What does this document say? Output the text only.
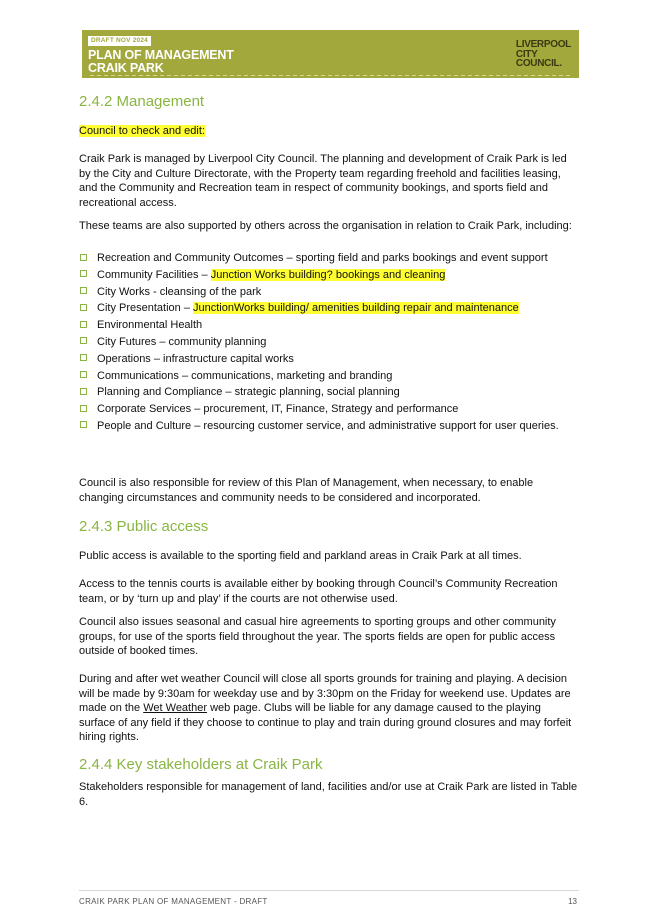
DRAFT NOV 2024
PLAN OF MANAGEMENT
CRAIK PARK
LIVERPOOL
CITY
COUNCIL.
2.4.2 Management

Council to check and edit:

Craik Park is managed by Liverpool City Council. The planning and development of Craik Park is led by the City and Culture Directorate, with the Property team regarding freehold and facilities leasing, and the Community and Recreation team in respect of community bookings, and sports field and recreational access.

These teams are also supported by others across the organisation in relation to Craik Park, including:

Recreation and Community Outcomes – sporting field and parks bookings and event support
Community Facilities – Junction Works building? bookings and cleaning
City Works - cleansing of the park
City Presentation – JunctionWorks building/ amenities building repair and maintenance
Environmental Health
City Futures – community planning
Operations – infrastructure capital works
Communications – communications, marketing and branding
Planning and Compliance – strategic planning, social planning
Corporate Services – procurement, IT, Finance, Strategy and performance
People and Culture – resourcing customer service, and administrative support for user queries.

Council is also responsible for review of this Plan of Management, when necessary, to enable changing circumstances and community needs to be considered and incorporated.

2.4.3 Public access

Public access is available to the sporting field and parkland areas in Craik Park at all times.

Access to the tennis courts is available either by booking through Council’s Community Recreation team, or by ‘turn up and play’ if the courts are not otherwise used.

Council also issues seasonal and casual hire agreements to sporting groups and other community groups, for use of the sports field throughout the year. The sports fields are open for public access outside of booked times.

During and after wet weather Council will close all sports grounds for training and playing. A decision will be made by 9:30am for weekday use and by 3:30pm on the Friday for weekend use. Updates are made on the Wet Weather web page. Clubs will be liable for any damage caused to the playing surface of any field if they choose to continue to play and train during ground closures and may forfeit hiring rights.

2.4.4 Key stakeholders at Craik Park

Stakeholders responsible for management of land, facilities and/or use at Craik Park are listed in Table 6.

CRAIK PARK PLAN OF MANAGEMENT - DRAFT	13
